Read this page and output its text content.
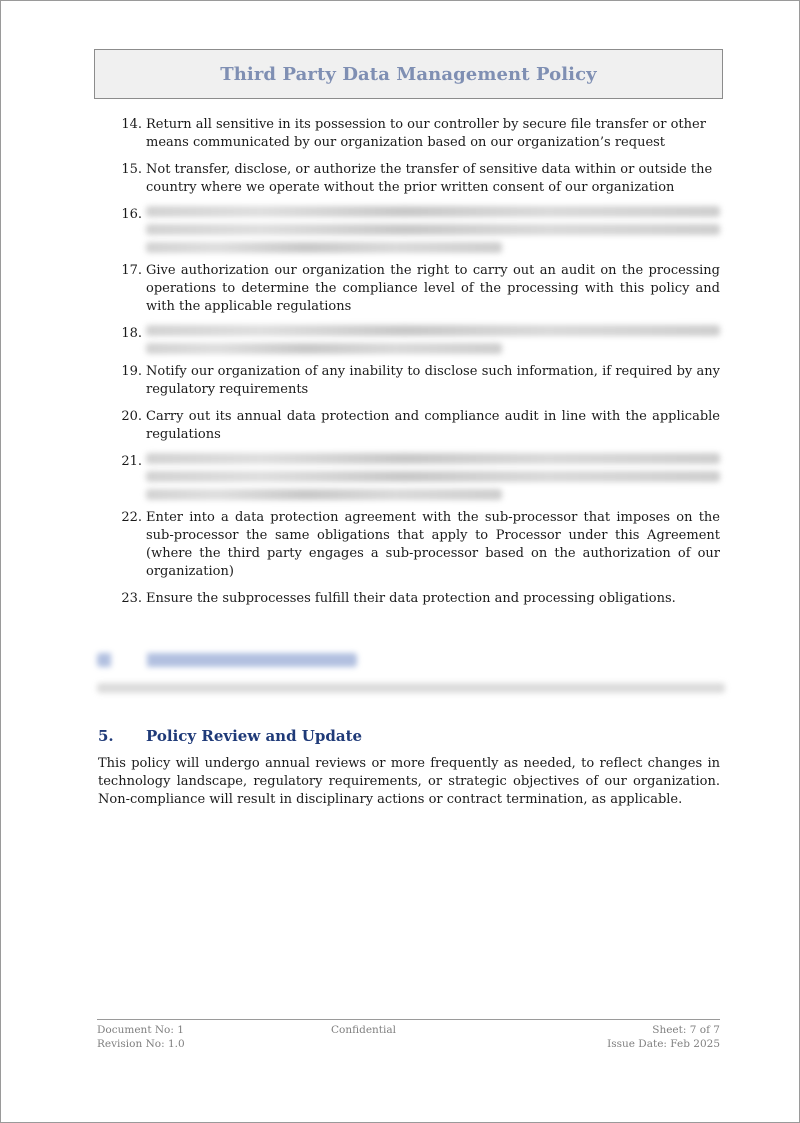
Third Party Data Management Policy
14. Return all sensitive in its possession to our controller by secure file transfer or other means communicated by our organization based on our organization’s request
15. Not transfer, disclose, or authorize the transfer of sensitive data within or outside the country where we operate without the prior written consent of our organization
16.
17. Give authorization our organization the right to carry out an audit on the processing operations to determine the compliance level of the processing with this policy and with the applicable regulations
18.
19. Notify our organization of any inability to disclose such information, if required by any regulatory requirements
20. Carry out its annual data protection and compliance audit in line with the applicable regulations
21.
22. Enter into a data protection agreement with the sub-processor that imposes on the sub-processor the same obligations that apply to Processor under this Agreement (where the third party engages a sub-processor based on the authorization of our organization)
23. Ensure the subprocesses fulfill their data protection and processing obligations.
5.	Policy Review and Update
This policy will undergo annual reviews or more frequently as needed, to reflect changes in technology landscape, regulatory requirements, or strategic objectives of our organization. Non-compliance will result in disciplinary actions or contract termination, as applicable.
Document No: 1	Confidential	Sheet: 7 of 7
Revision No: 1.0	Issue Date: Feb 2025
